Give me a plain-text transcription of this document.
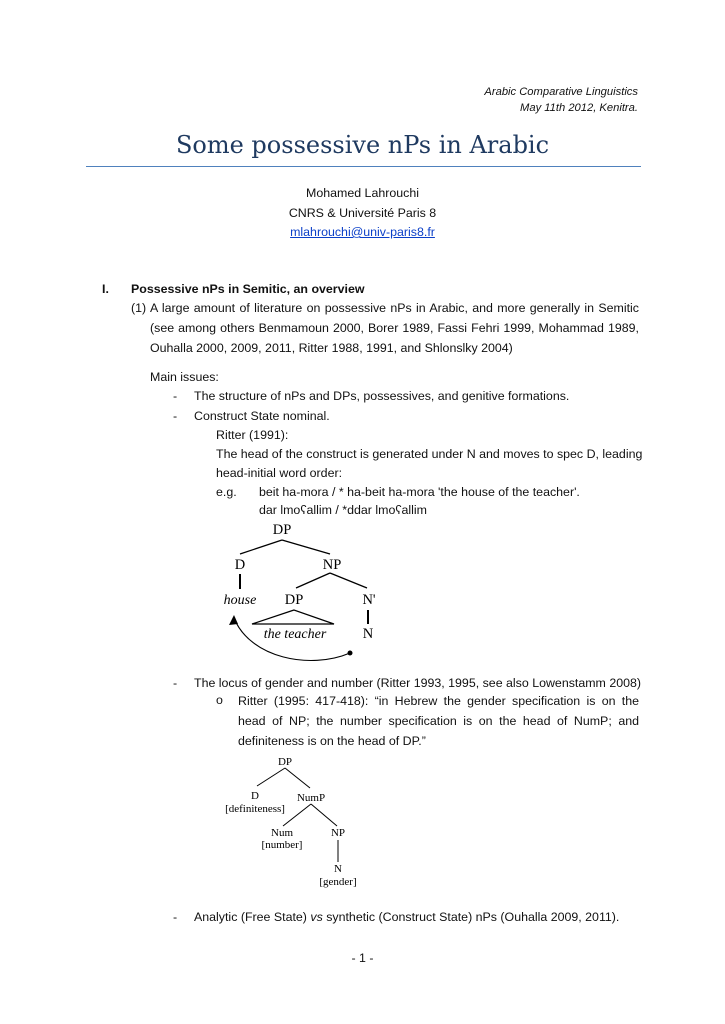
Arabic Comparative Linguistics
May 11th 2012, Kenitra.
Some possessive nPs in Arabic
Mohamed Lahrouchi
CNRS & Université Paris 8
mlahrouchi@univ-paris8.fr
I. Possessive nPs in Semitic, an overview
(1) A large amount of literature on possessive nPs in Arabic, and more generally in Semitic (see among others Benmamoun 2000, Borer 1989, Fassi Fehri 1999, Mohammad 1989, Ouhalla 2000, 2009, 2011, Ritter 1988, 1991, and Shlonslky 2004)
Main issues:
- The structure of nPs and DPs, possessives, and genitive formations.
- Construct State nominal.
Ritter (1991):
The head of the construct is generated under N and moves to spec D, leading
head-initial word order:
e.g. beit ha-mora / * ha-beit ha-mora 'the house of the teacher'.
dar lmoʕallim / *ddar lmoʕallim
DP
D	NP
house DP	N'
the teacher	N
- The locus of gender and number (Ritter 1993, 1995, see also Lowenstamm 2008)
o Ritter (1995: 417-418): “in Hebrew the gender specification is on the head of NP; the number specification is on the head of NumP; and definiteness is on the head of DP.”
DP
D	NumP
[definiteness]
Num	NP
[number]
N
[gender]
- Analytic (Free State) vs synthetic (Construct State) nPs (Ouhalla 2009, 2011).
- 1 -
